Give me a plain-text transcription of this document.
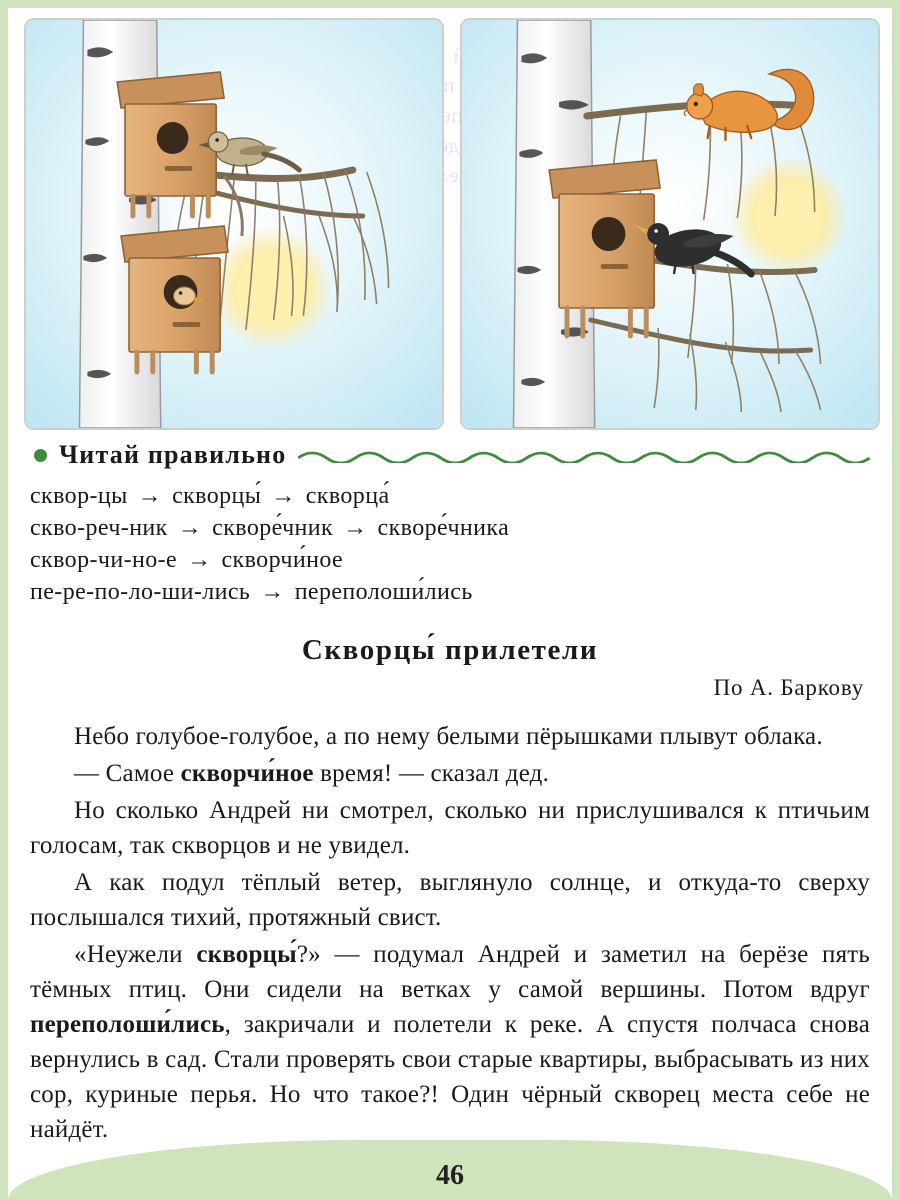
капель
Читай правильно
сквор-цы → скворцы́ → скворца́
скво-реч-ник → скворе́чник → скворе́чника
сквор-чи-но-е → скворчи́ное
пе-ре-по-ло-ши-лись → переполоши́лись
Скворцы́ прилетели
По А. Баркову
Небо голубое-голубое, а по нему белыми пёрышками плывут облака.
— Самое скворчи́ное время! — сказал дед.
Но сколько Андрей ни смотрел, сколько ни прислушивался к птичьим голосам, так скворцов и не увидел.
А как подул тёплый ветер, выглянуло солнце, и откуда-то сверху послышался тихий, протяжный свист.
«Неужели скворцы́?» — подумал Андрей и заметил на берёзе пять тёмных птиц. Они сидели на ветках у самой вершины. Потом вдруг переполоши́лись, закричали и полетели к реке. А спустя полчаса снова вернулись в сад. Стали проверять свои старые квартиры, выбрасывать из них сор, куриные перья. Но что такое?! Один чёрный скворец места себе не найдёт.
46
